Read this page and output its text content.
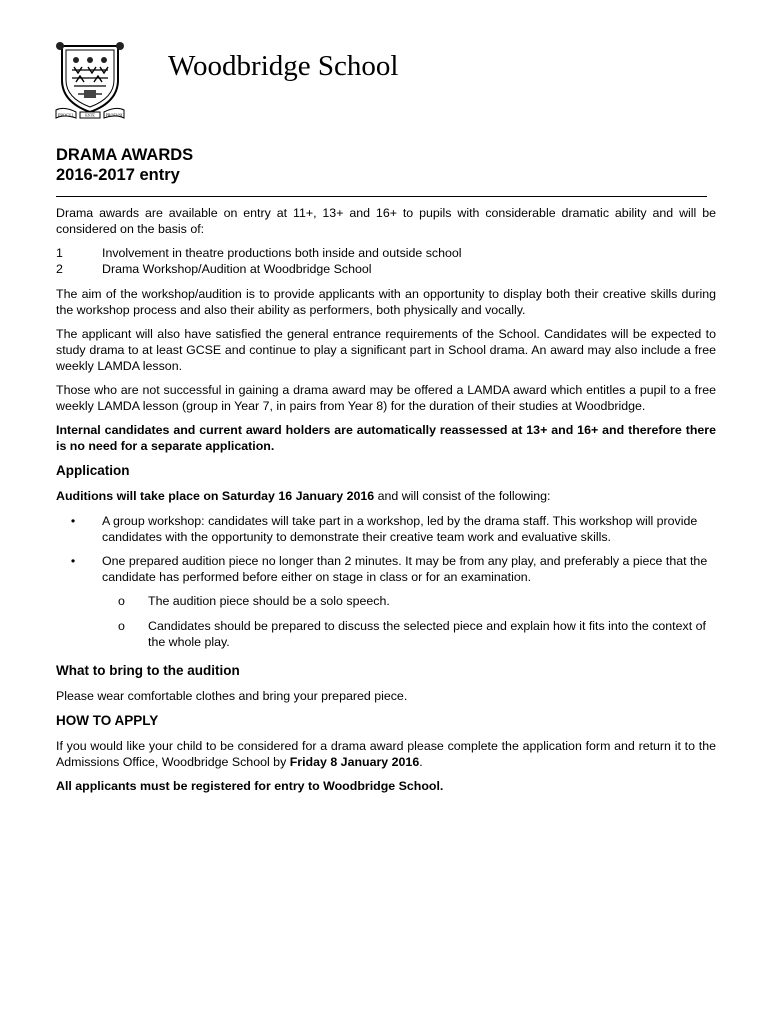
PROCUL	ESTE	PROFANI
Woodbridge School
DRAMA AWARDS
2016-2017 entry

Drama awards are available on entry at 11+, 13+ and 16+ to pupils with considerable dramatic ability and will be considered on the basis of:

1	Involvement in theatre productions both inside and outside school
2	Drama Workshop/Audition at Woodbridge School

The aim of the workshop/audition is to provide applicants with an opportunity to display both their creative skills during the workshop process and also their ability as performers, both physically and vocally.

The applicant will also have satisfied the general entrance requirements of the School. Candidates will be expected to study drama to at least GCSE and continue to play a significant part in School drama. An award may also include a free weekly LAMDA lesson.

Those who are not successful in gaining a drama award may be offered a LAMDA award which entitles a pupil to a free weekly LAMDA lesson (group in Year 7, in pairs from Year 8) for the duration of their studies at Woodbridge.

Internal candidates and current award holders are automatically reassessed at 13+ and 16+ and therefore there is no need for a separate application.

Application

Auditions will take place on Saturday 16 January 2016 and will consist of the following:

•	A group workshop: candidates will take part in a workshop, led by the drama staff. This workshop will provide candidates with the opportunity to demonstrate their creative team work and evaluative skills.
•	One prepared audition piece no longer than 2 minutes. It may be from any play, and preferably a piece that the candidate has performed before either on stage in class or for an examination.
o	The audition piece should be a solo speech.
o	Candidates should be prepared to discuss the selected piece and explain how it fits into the context of the whole play.
What to bring to the audition

Please wear comfortable clothes and bring your prepared piece.

HOW TO APPLY

If you would like your child to be considered for a drama award please complete the application form and return it to the Admissions Office, Woodbridge School by Friday 8 January 2016.

All applicants must be registered for entry to Woodbridge School.
